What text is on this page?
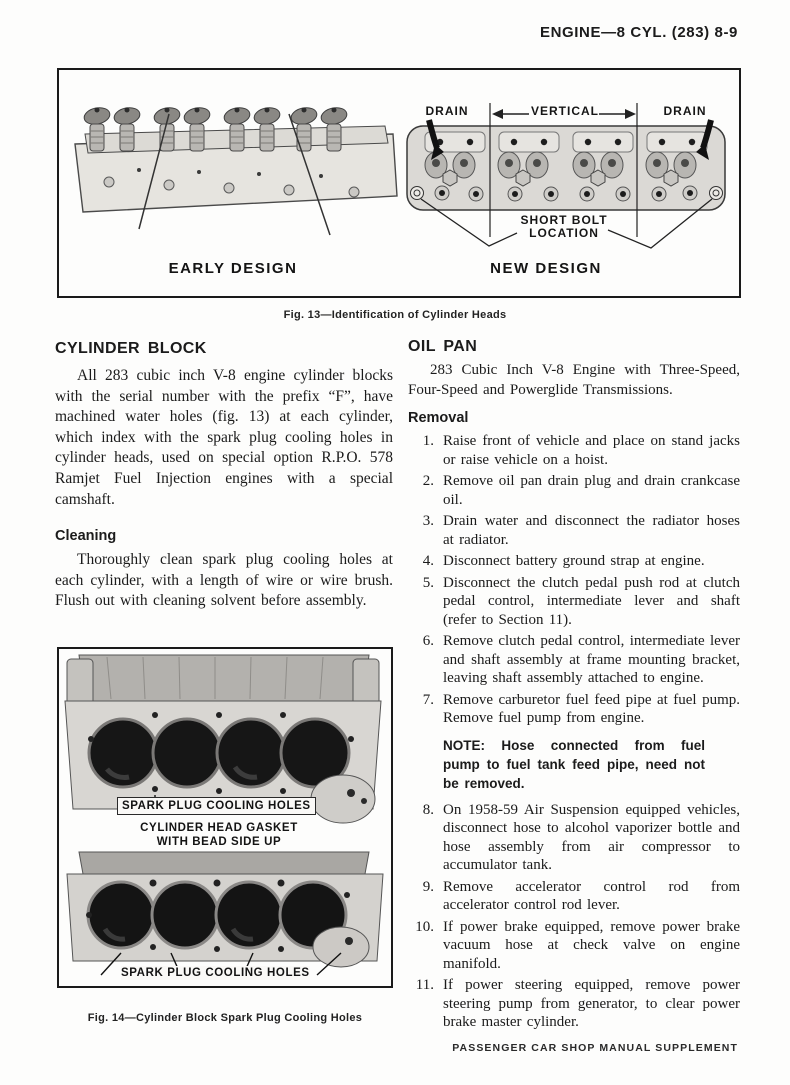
ENGINE—8 CYL. (283) 8-9
DRAIN	VERTICAL	DRAIN
SHORT BOLT
LOCATION
EARLY DESIGN	NEW DESIGN
Fig. 13—Identification of Cylinder Heads
CYLINDER BLOCK

All 283 cubic inch V-8 engine cylinder blocks with the serial number with the prefix “F”, have machined water holes (fig. 13) at each cylinder, which index with the spark plug cooling holes in cylinder heads, used on special option R.P.O. 578 Ramjet Fuel Injection engines with a special camshaft.

Cleaning

Thoroughly clean spark plug cooling holes at each cylinder, with a length of wire or wire brush. Flush out with cleaning solvent before assembly.

SPARK PLUG COOLING HOLES
CYLINDER HEAD GASKET
WITH BEAD SIDE UP
SPARK PLUG COOLING HOLES
Fig. 14—Cylinder Block Spark Plug Cooling Holes
OIL PAN

283 Cubic Inch V-8 Engine with Three-Speed, Four-Speed and Powerglide Transmissions.

Removal
1. Raise front of vehicle and place on stand jacks or raise vehicle on a hoist.
2. Remove oil pan drain plug and drain crankcase oil.
3. Drain water and disconnect the radiator hoses at radiator.
4. Disconnect battery ground strap at engine.
5. Disconnect the clutch pedal push rod at clutch pedal control, intermediate lever and shaft (refer to Section 11).
6. Remove clutch pedal control, intermediate lever and shaft assembly at frame mounting bracket, leaving shaft assembly attached to engine.
7. Remove carburetor fuel feed pipe at fuel pump. Remove fuel pump from engine.
NOTE: Hose connected from fuel pump to fuel tank feed pipe, need not be removed.
8. On 1958-59 Air Suspension equipped vehicles, disconnect hose to alcohol vaporizer bottle and hose assembly from air compressor to accumulator tank.
9. Remove accelerator control rod from accelerator control rod lever.
10. If power brake equipped, remove power brake vacuum hose at check valve on engine manifold.
11. If power steering equipped, remove power steering pump from generator, to clear power brake master cylinder.
PASSENGER CAR SHOP MANUAL SUPPLEMENT
